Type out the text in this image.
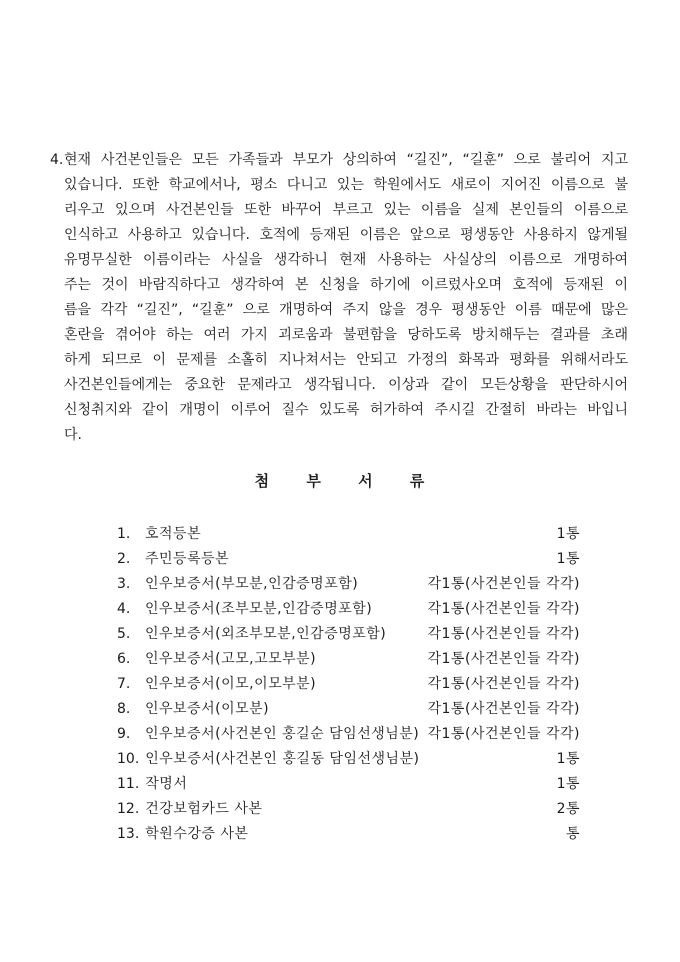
4. 현재 사건본인들은 모든 가족들과 부모가 상의하여 “길진”, “길훈” 으로 불리어 지고
있습니다. 또한 학교에서나, 평소 다니고 있는 학원에서도 새로이 지어진 이름으로 불
리우고 있으며 사건본인들 또한 바꾸어 부르고 있는 이름을 실제 본인들의 이름으로
인식하고 사용하고 있습니다. 호적에 등재된 이름은 앞으로 평생동안 사용하지 않게될
유명무실한 이름이라는 사실을 생각하니 현재 사용하는 사실상의 이름으로 개명하여
주는 것이 바람직하다고 생각하여 본 신청을 하기에 이르렀사오며 호적에 등재된 이
름을 각각 “길진”, “길훈” 으로 개명하여 주지 않을 경우 평생동안 이름 때문에 많은
혼란을 겪어야 하는 여러 가지 괴로움과 불편함을 당하도록 방치해두는 결과를 초래
하게 되므로 이 문제를 소홀히 지나쳐서는 안되고 가정의 화목과 평화를 위해서라도
사건본인들에게는 중요한 문제라고 생각됩니다. 이상과 같이 모든상황을 판단하시어
신청취지와 같이 개명이 이루어 질수 있도록 허가하여 주시길 간절히 바라는 바입니
다.
첨 부 서 류
1.	호적등본	1통
2.	주민등록등본	1통
3.	인우보증서(부모분,인감증명포함)	각1통(사건본인들 각각)
4.	인우보증서(조부모분,인감증명포함)	각1통(사건본인들 각각)
5.	인우보증서(외조부모분,인감증명포함)	각1통(사건본인들 각각)
6.	인우보증서(고모,고모부분)	각1통(사건본인들 각각)
7.	인우보증서(이모,이모부분)	각1통(사건본인들 각각)
8.	인우보증서(이모분)	각1통(사건본인들 각각)
9.	인우보증서(사건본인 홍길순 담임선생님분) 각1통(사건본인들 각각)
10. 인우보증서(사건본인 홍길동 담임선생님분)	1통
11. 작명서	1통
12. 건강보험카드 사본	2통
13. 학원수강증 사본	통
